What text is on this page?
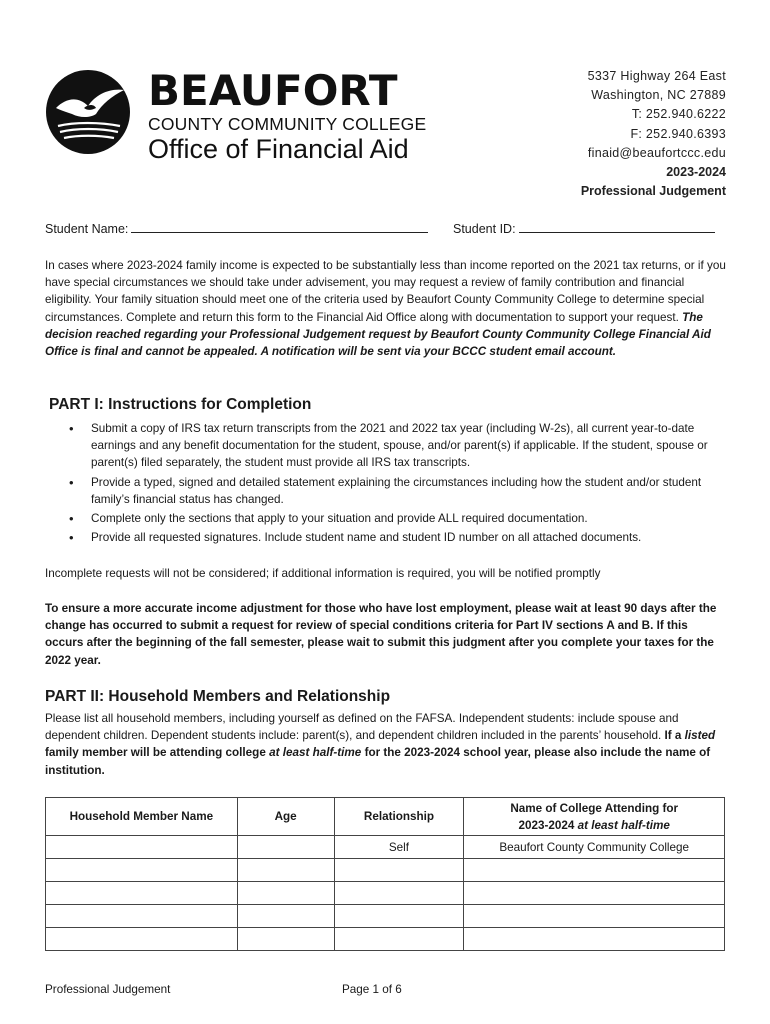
BEAUFORT
COUNTY COMMUNITY COLLEGE
Office of Financial Aid
5337 Highway 264 East
Washington, NC 27889
T: 252.940.6222
F: 252.940.6393
finaid@beaufortccc.edu
2023-2024
Professional Judgement
Student Name:	Student ID:
In cases where 2023-2024 family income is expected to be substantially less than income reported on the 2021 tax returns, or if you have special circumstances we should take under advisement, you may request a review of family contribution and financial eligibility. Your family situation should meet one of the criteria used by Beaufort County Community College to determine special circumstances. Complete and return this form to the Financial Aid Office along with documentation to support your request. The decision reached regarding your Professional Judgement request by Beaufort County Community College Financial Aid Office is final and cannot be appealed. A notification will be sent via your BCCC student email account.
PART I: Instructions for Completion
• Submit a copy of IRS tax return transcripts from the 2021 and 2022 tax year (including W-2s), all current year-to-date earnings and any benefit documentation for the student, spouse, and/or parent(s) if applicable. If the student, spouse or parent(s) filed separately, the student must provide all IRS tax transcripts.
• Provide a typed, signed and detailed statement explaining the circumstances including how the student and/or student family’s financial status has changed.
• Complete only the sections that apply to your situation and provide ALL required documentation.
• Provide all requested signatures. Include student name and student ID number on all attached documents.
Incomplete requests will not be considered; if additional information is required, you will be notified promptly
To ensure a more accurate income adjustment for those who have lost employment, please wait at least 90 days after the change has occurred to submit a request for review of special conditions criteria for Part IV sections A and B. If this occurs after the beginning of the fall semester, please wait to submit this judgment after you complete your taxes for the 2022 year.
PART II: Household Members and Relationship
Please list all household members, including yourself as defined on the FAFSA. Independent students: include spouse and dependent children. Dependent students include: parent(s), and dependent children included in the parents’ household. If a listed family member will be attending college at least half-time for the 2023-2024 school year, please also include the name of institution.
Household Member Name	Age	Relationship	Name of College Attending for
2023-2024 at least half-time

		Self	Beaufort County Community College

Professional Judgement	Page 1 of 6
